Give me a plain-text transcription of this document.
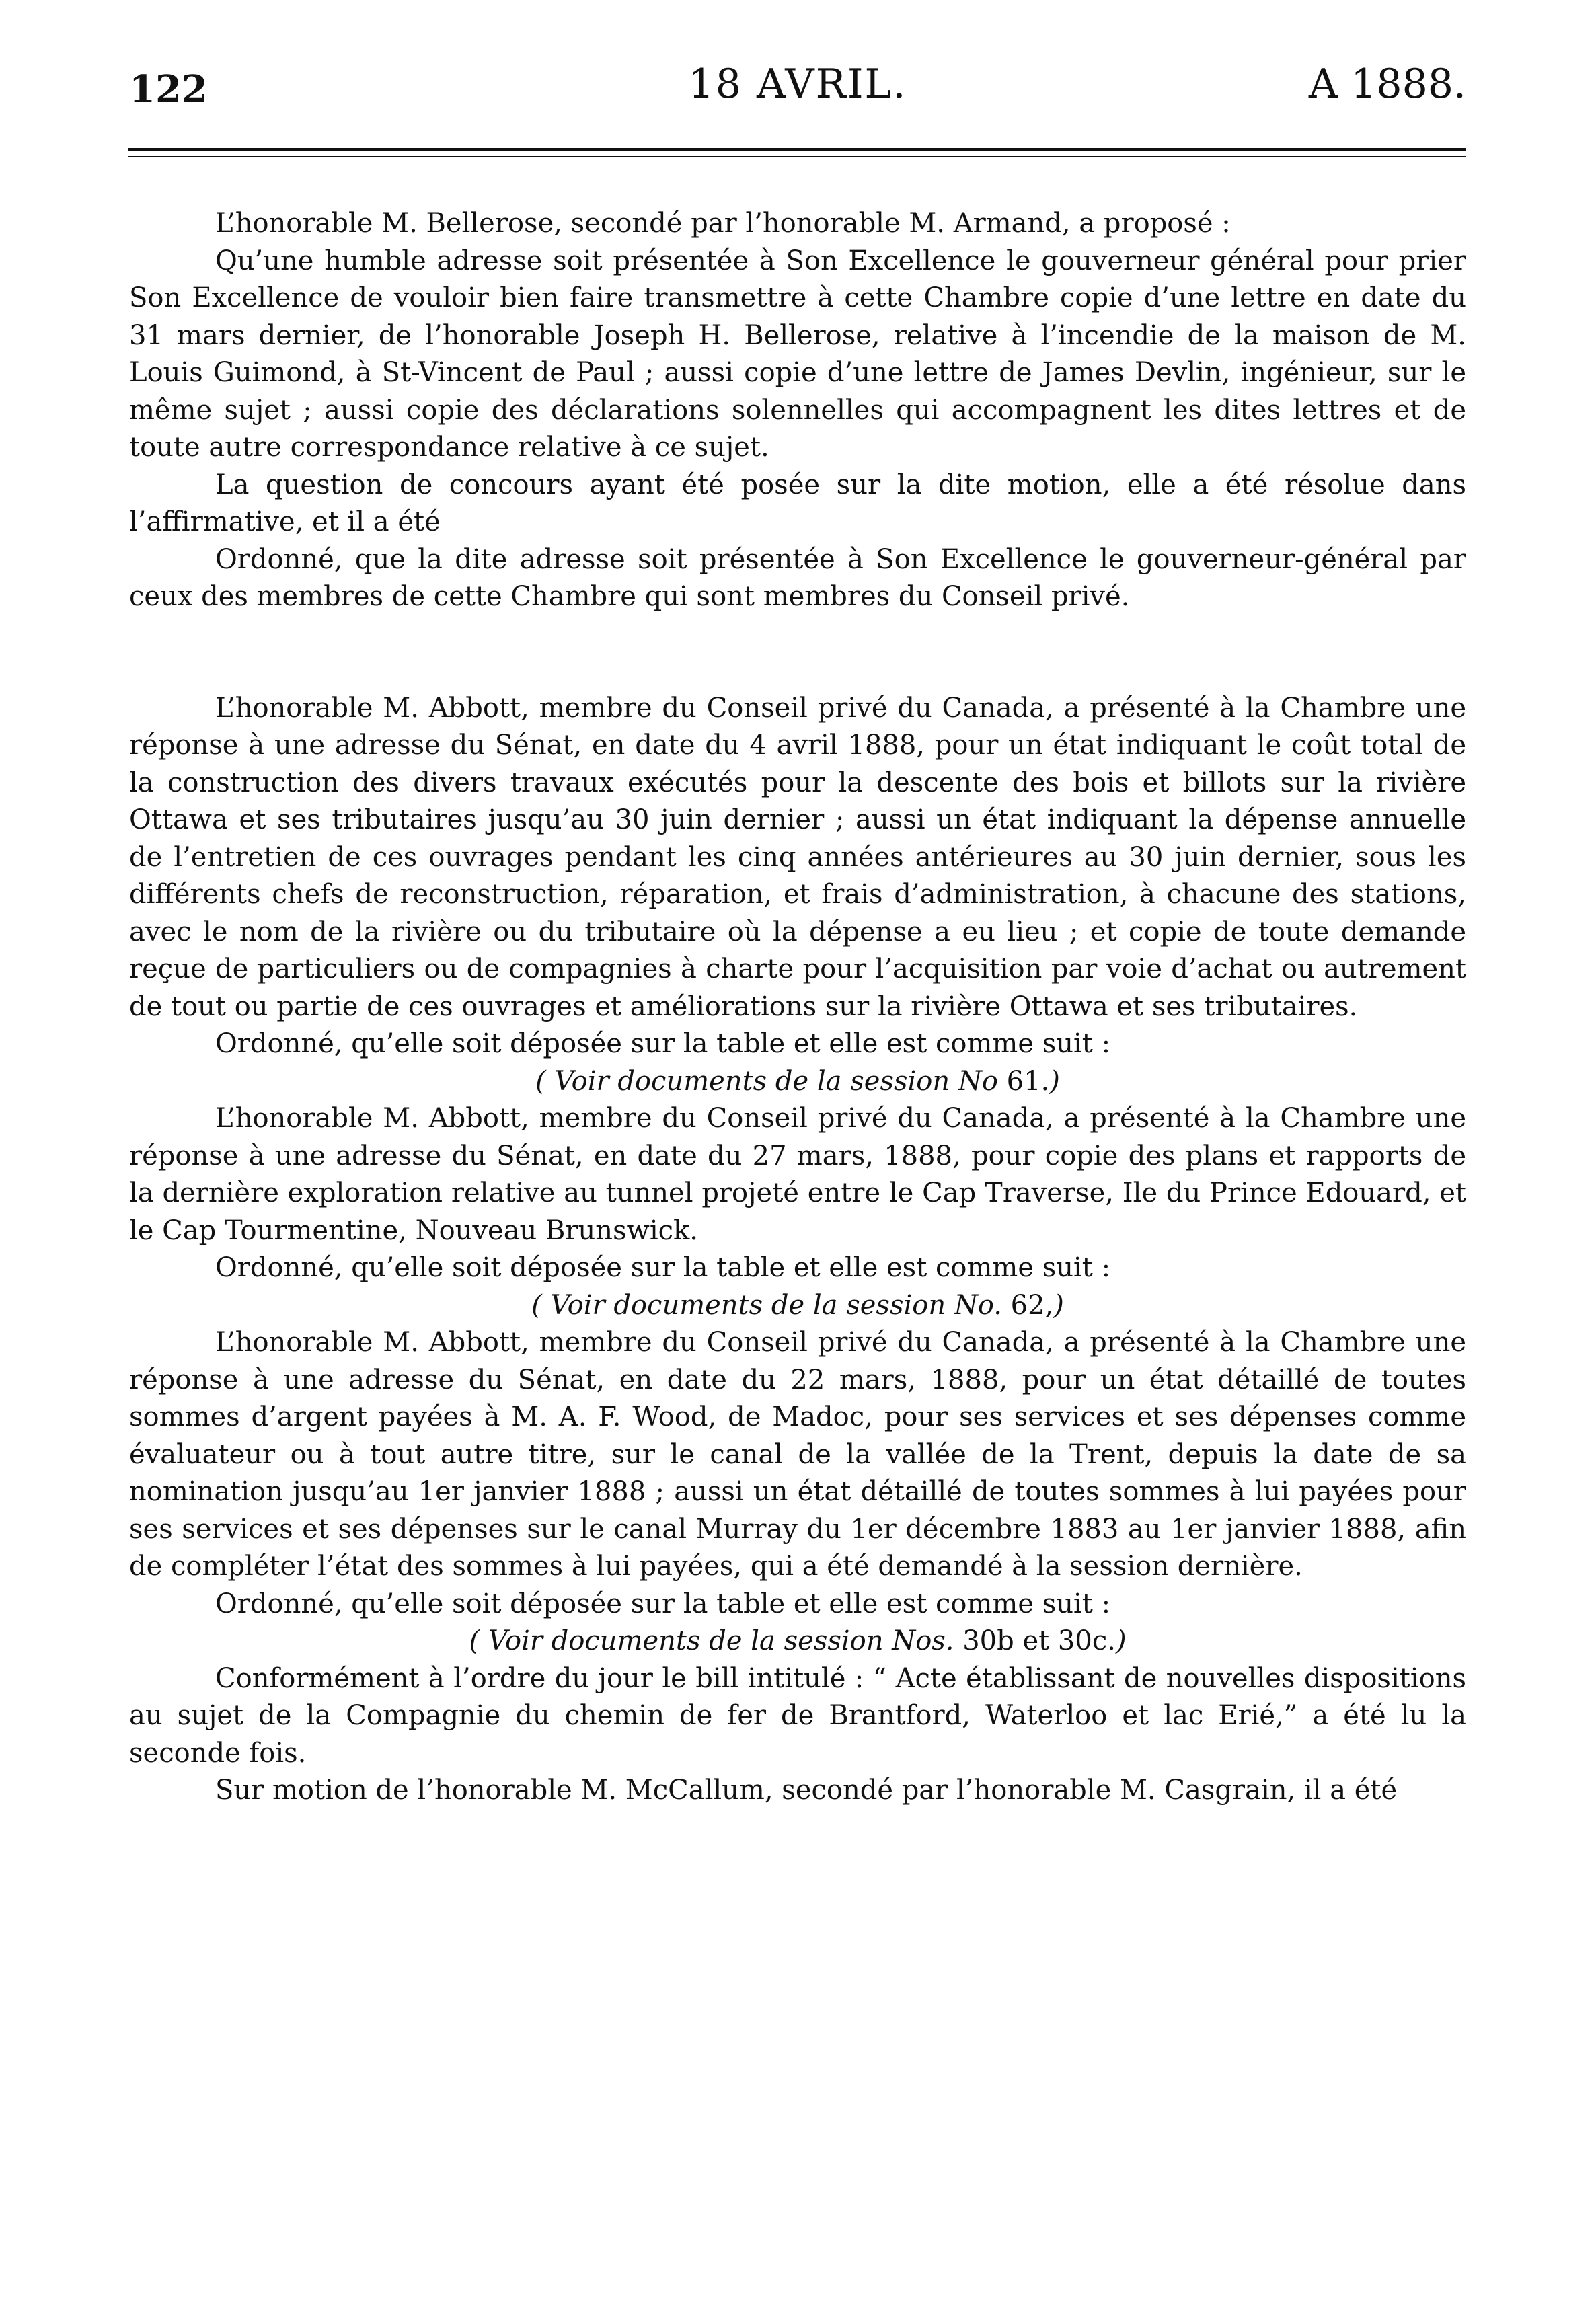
122	18 AVRIL.	A 1888.

L’honorable M. Bellerose, secondé par l’honorable M. Armand, a proposé :

Qu’une humble adresse soit présentée à Son Excellence le gouverneur général pour prier Son Excellence de vouloir bien faire transmettre à cette Chambre copie d’une lettre en date du 31 mars dernier, de l’honorable Joseph H. Bellerose, relative à l’incendie de la maison de M. Louis Guimond, à St-Vincent de Paul ; aussi copie d’une lettre de James Devlin, ingénieur, sur le même sujet ; aussi copie des déclarations solennelles qui accompagnent les dites lettres et de toute autre correspondance relative à ce sujet.

La question de concours ayant été posée sur la dite motion, elle a été résolue dans l’affirmative, et il a été

Ordonné, que la dite adresse soit présentée à Son Excellence le gouverneur-général par ceux des membres de cette Chambre qui sont membres du Conseil privé.

L’honorable M. Abbott, membre du Conseil privé du Canada, a présenté à la Chambre une réponse à une adresse du Sénat, en date du 4 avril 1888, pour un état indiquant le coût total de la construction des divers travaux exécutés pour la descente des bois et billots sur la rivière Ottawa et ses tributaires jusqu’au 30 juin dernier ; aussi un état indiquant la dépense annuelle de l’entretien de ces ouvrages pendant les cinq années antérieures au 30 juin dernier, sous les différents chefs de reconstruction, réparation, et frais d’administration, à chacune des stations, avec le nom de la rivière ou du tributaire où la dépense a eu lieu ; et copie de toute demande reçue de particuliers ou de compagnies à charte pour l’acquisition par voie d’achat ou autrement de tout ou partie de ces ouvrages et améliorations sur la rivière Ottawa et ses tributaires.

Ordonné, qu’elle soit déposée sur la table et elle est comme suit :

( Voir documents de la session No 61.)

L’honorable M. Abbott, membre du Conseil privé du Canada, a présenté à la Chambre une réponse à une adresse du Sénat, en date du 27 mars, 1888, pour copie des plans et rapports de la dernière exploration relative au tunnel projeté entre le Cap Traverse, Ile du Prince Edouard, et le Cap Tourmentine, Nouveau Brunswick.

Ordonné, qu’elle soit déposée sur la table et elle est comme suit :

( Voir documents de la session No. 62,)

L’honorable M. Abbott, membre du Conseil privé du Canada, a présenté à la Chambre une réponse à une adresse du Sénat, en date du 22 mars, 1888, pour un état détaillé de toutes sommes d’argent payées à M. A. F. Wood, de Madoc, pour ses services et ses dépenses comme évaluateur ou à tout autre titre, sur le canal de la vallée de la Trent, depuis la date de sa nomination jusqu’au 1er janvier 1888 ; aussi un état détaillé de toutes sommes à lui payées pour ses services et ses dépenses sur le canal Murray du 1er décembre 1883 au 1er janvier 1888, afin de compléter l’état des sommes à lui payées, qui a été demandé à la session dernière.

Ordonné, qu’elle soit déposée sur la table et elle est comme suit :

( Voir documents de la session Nos. 30b et 30c.)

Conformément à l’ordre du jour le bill intitulé : “ Acte établissant de nouvelles dispositions au sujet de la Compagnie du chemin de fer de Brantford, Waterloo et lac Erié,” a été lu la seconde fois.

Sur motion de l’honorable M. McCallum, secondé par l’honorable M. Casgrain, il a été
